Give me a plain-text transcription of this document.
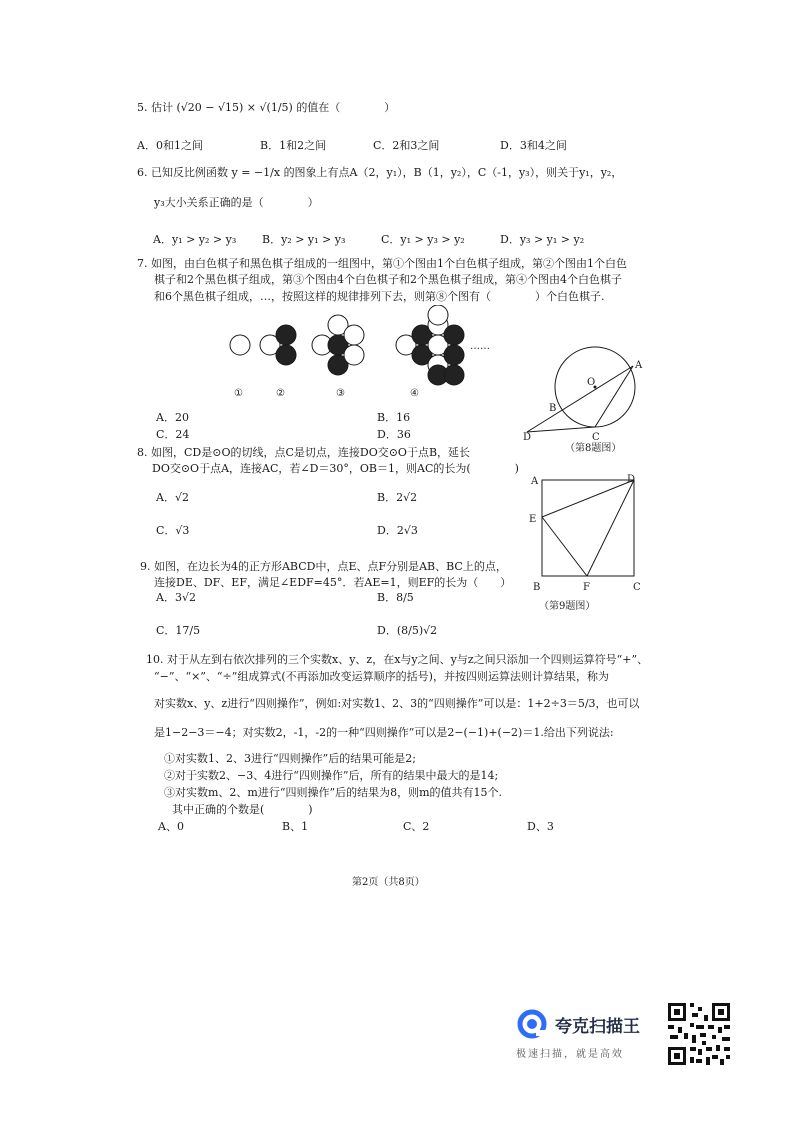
5. 估计 (√20 − √15) × √(1/5) 的值在（　　　　）
A．0和1之间	B．1和2之间	C．2和3之间	D．3和4之间
6. 已知反比例函数 y = −1/x 的图象上有点A（2，y₁），B（1，y₂），C（-1，y₃），则关于y₁，y₂，
y₃大小关系正确的是（　　　　）
A．y₁ > y₂ > y₃ B．y₂ > y₁ > y₃	C．y₁ > y₃ > y₂	D．y₃ > y₁ > y₂
7. 如图，由白色棋子和黑色棋子组成的一组图中，第①个图由1个白色棋子组成，第②个图由1个白色
棋子和2个黑色棋子组成，第③个图由4个白色棋子和2个黑色棋子组成，第④个图由4个白色棋子
和6个黑色棋子组成，…，按照这样的规律排列下去，则第⑧个图有（　　　　）个白色棋子.
……
①	②	③	④
A．20	B．16
C．24	D．36
O
A
B
D	C
（第8题图）
8. 如图，CD是⊙O的切线，点C是切点，连接DO交⊙O于点B，延长
DO交⊙O于点A，连接AC，若∠D＝30°，OB＝1，则AC的长为(　　　　)
A．√2	B．2√2
C．√3	D．2√3
A	D
E
B	F	C
（第9题图）
9. 如图，在边长为4的正方形ABCD中，点E、点F分别是AB、BC上的点，
连接DE、DF、EF，满足∠EDF=45°．若AE=1，则EF的长为（　　）
A．3√2	B．8/5
C．17/5	D．(8/5)√2
10. 对于从左到右依次排列的三个实数x、y、z，在x与y之间、y与z之间只添加一个四则运算符号“+”、
“−”、“×”、“÷”组成算式(不再添加改变运算顺序的括号)，并按四则运算法则计算结果，称为
对实数x、y、z进行“四则操作”，例如:对实数1、2、3的“四则操作”可以是：1+2÷3＝5/3，也可以
是1−2−3＝−4；对实数2，-1，-2的一种“四则操作”可以是2−(−1)+(−2)＝1.给出下列说法:
①对实数1、2、3进行“四则操作”后的结果可能是2;
②对于实数2、−3、4进行“四则操作”后，所有的结果中最大的是14;
③对实数m、2、m进行“四则操作”后的结果为8，则m的值共有15个.
其中正确的个数是(　　　　)
A、0	B、1	C、2	D、3
第2页（共8页）
夸克扫描王
极速扫描，就是高效
